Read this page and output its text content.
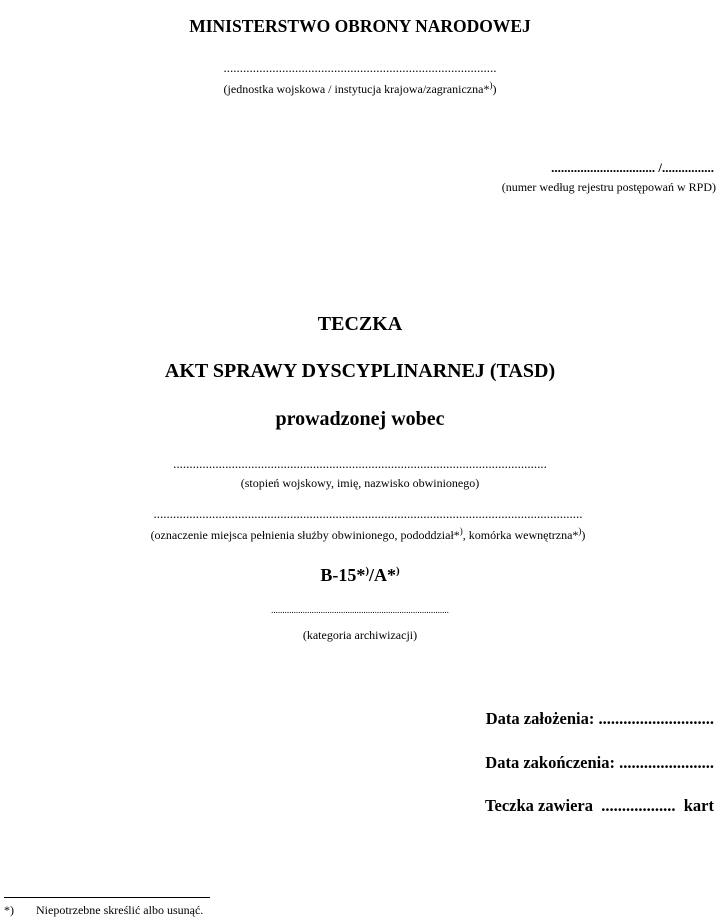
MINISTERSTWO OBRONY NARODOWEJ
....................................................................................
(jednostka wojskowa / instytucja krajowa/zagraniczna*))
................................ /................
(numer według rejestru postępowań w RPD)
TECZKA
AKT SPRAWY DYSCYPLINARNEJ (TASD)
prowadzonej wobec
...................................................................................................................
(stopień wojskowy, imię, nazwisko obwinionego)
....................................................................................................................................
(oznaczenie miejsca pełnienia służby obwinionego, pododdział*), komórka wewnętrzna*))
B-15*)/A*)
...............................................................................
(kategoria archiwizacji)
Data założenia: ............................
Data zakończenia: .......................
Teczka zawiera .................. kart
*) Niepotrzebne skreślić albo usunąć.
